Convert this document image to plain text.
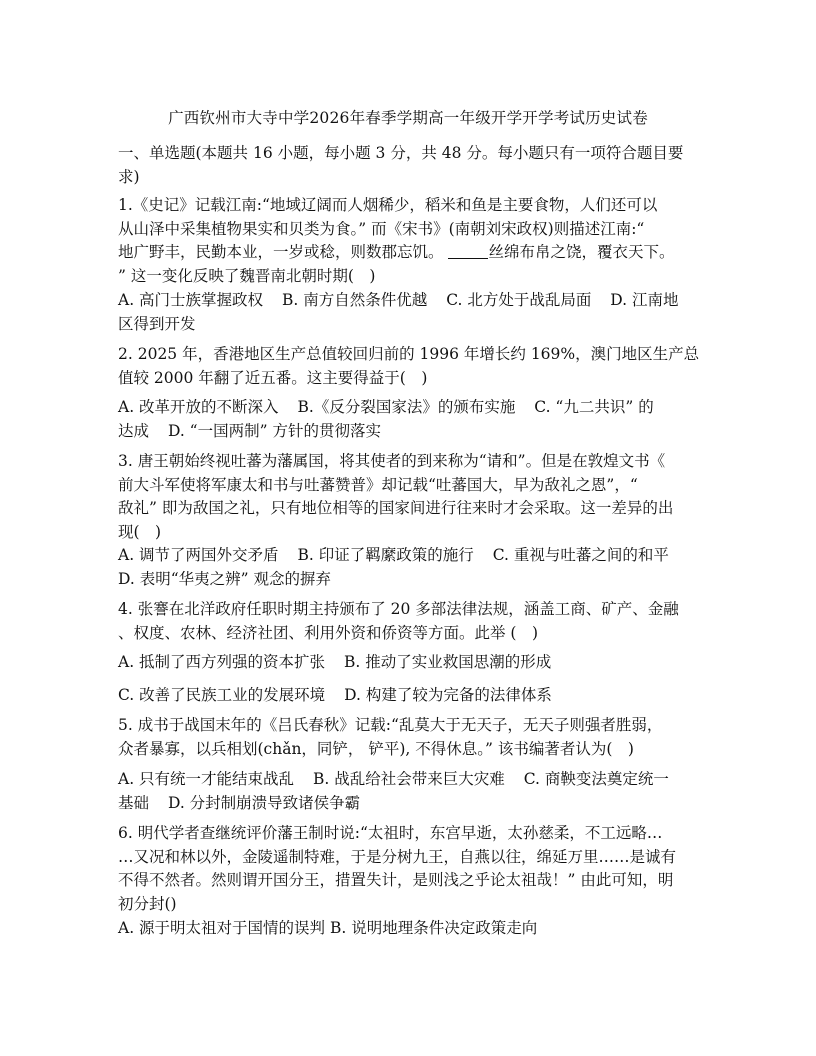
广西钦州市大寺中学2026年春季学期高一年级开学开学考试历史试卷
一、单选题(本题共 16 小题，每小题 3 分，共 48 分。每小题只有一项符合题目要
求)
1.《史记》记载江南:“地域辽阔而人烟稀少，稻米和鱼是主要食物，人们还可以
从山泽中采集植物果实和贝类为食。” 而《宋书》(南朝刘宋政权)则描述江南:“
地广野丰，民勤本业，一岁或稔，则数郡忘饥。	丝绵布帛之饶，覆衣天下。
” 这一变化反映了魏晋南北朝时期(　)
A. 高门士族掌握政权 B. 南方自然条件优越 C. 北方处于战乱局面 D. 江南地
区得到开发
2. 2025 年，香港地区生产总值较回归前的 1996 年增长约 169%，澳门地区生产总
值较 2000 年翻了近五番。这主要得益于(　)
A. 改革开放的不断深入 B.《反分裂国家法》的颁布实施 C. “九二共识” 的
达成 D. “一国两制” 方针的贯彻落实
3. 唐王朝始终视吐蕃为藩属国，将其使者的到来称为“请和”。但是在敦煌文书《
前大斗军使将军康太和书与吐蕃赞普》却记载“吐蕃国大，早为敌礼之恩”，“
敌礼” 即为敌国之礼，只有地位相等的国家间进行往来时才会采取。这一差异的出
现(　)
A. 调节了两国外交矛盾 B. 印证了羁縻政策的施行 C. 重视与吐蕃之间的和平
D. 表明“华夷之辨” 观念的摒弃
4. 张謇在北洋政府任职时期主持颁布了 20 多部法律法规，涵盖工商、矿产、金融
、权度、农林、经济社团、利用外资和侨资等方面。此举 (　)
A. 抵制了西方列强的资本扩张 B. 推动了实业救国思潮的形成
C. 改善了民族工业的发展环境 D. 构建了较为完备的法律体系
5. 成书于战国末年的《吕氏春秋》记载:“乱莫大于无天子，无天子则强者胜弱，
众者暴寡，以兵相划(chǎn，同铲， 铲平), 不得休息。” 该书编著者认为(　)
A. 只有统一才能结束战乱 B. 战乱给社会带来巨大灾难 C. 商鞅变法奠定统一
基础 D. 分封制崩溃导致诸侯争霸
6. 明代学者查继统评价藩王制时说:“太祖时，东宫早逝，太孙慈柔，不工远略…
…又况和林以外，金陵遥制特难，于是分树九王，自燕以往，绵延万里……是诚有
不得不然者。然则谓开国分王，措置失计，是则浅之乎论太祖哉！” 由此可知，明
初分封()
A. 源于明太祖对于国情的误判 B. 说明地理条件决定政策走向
